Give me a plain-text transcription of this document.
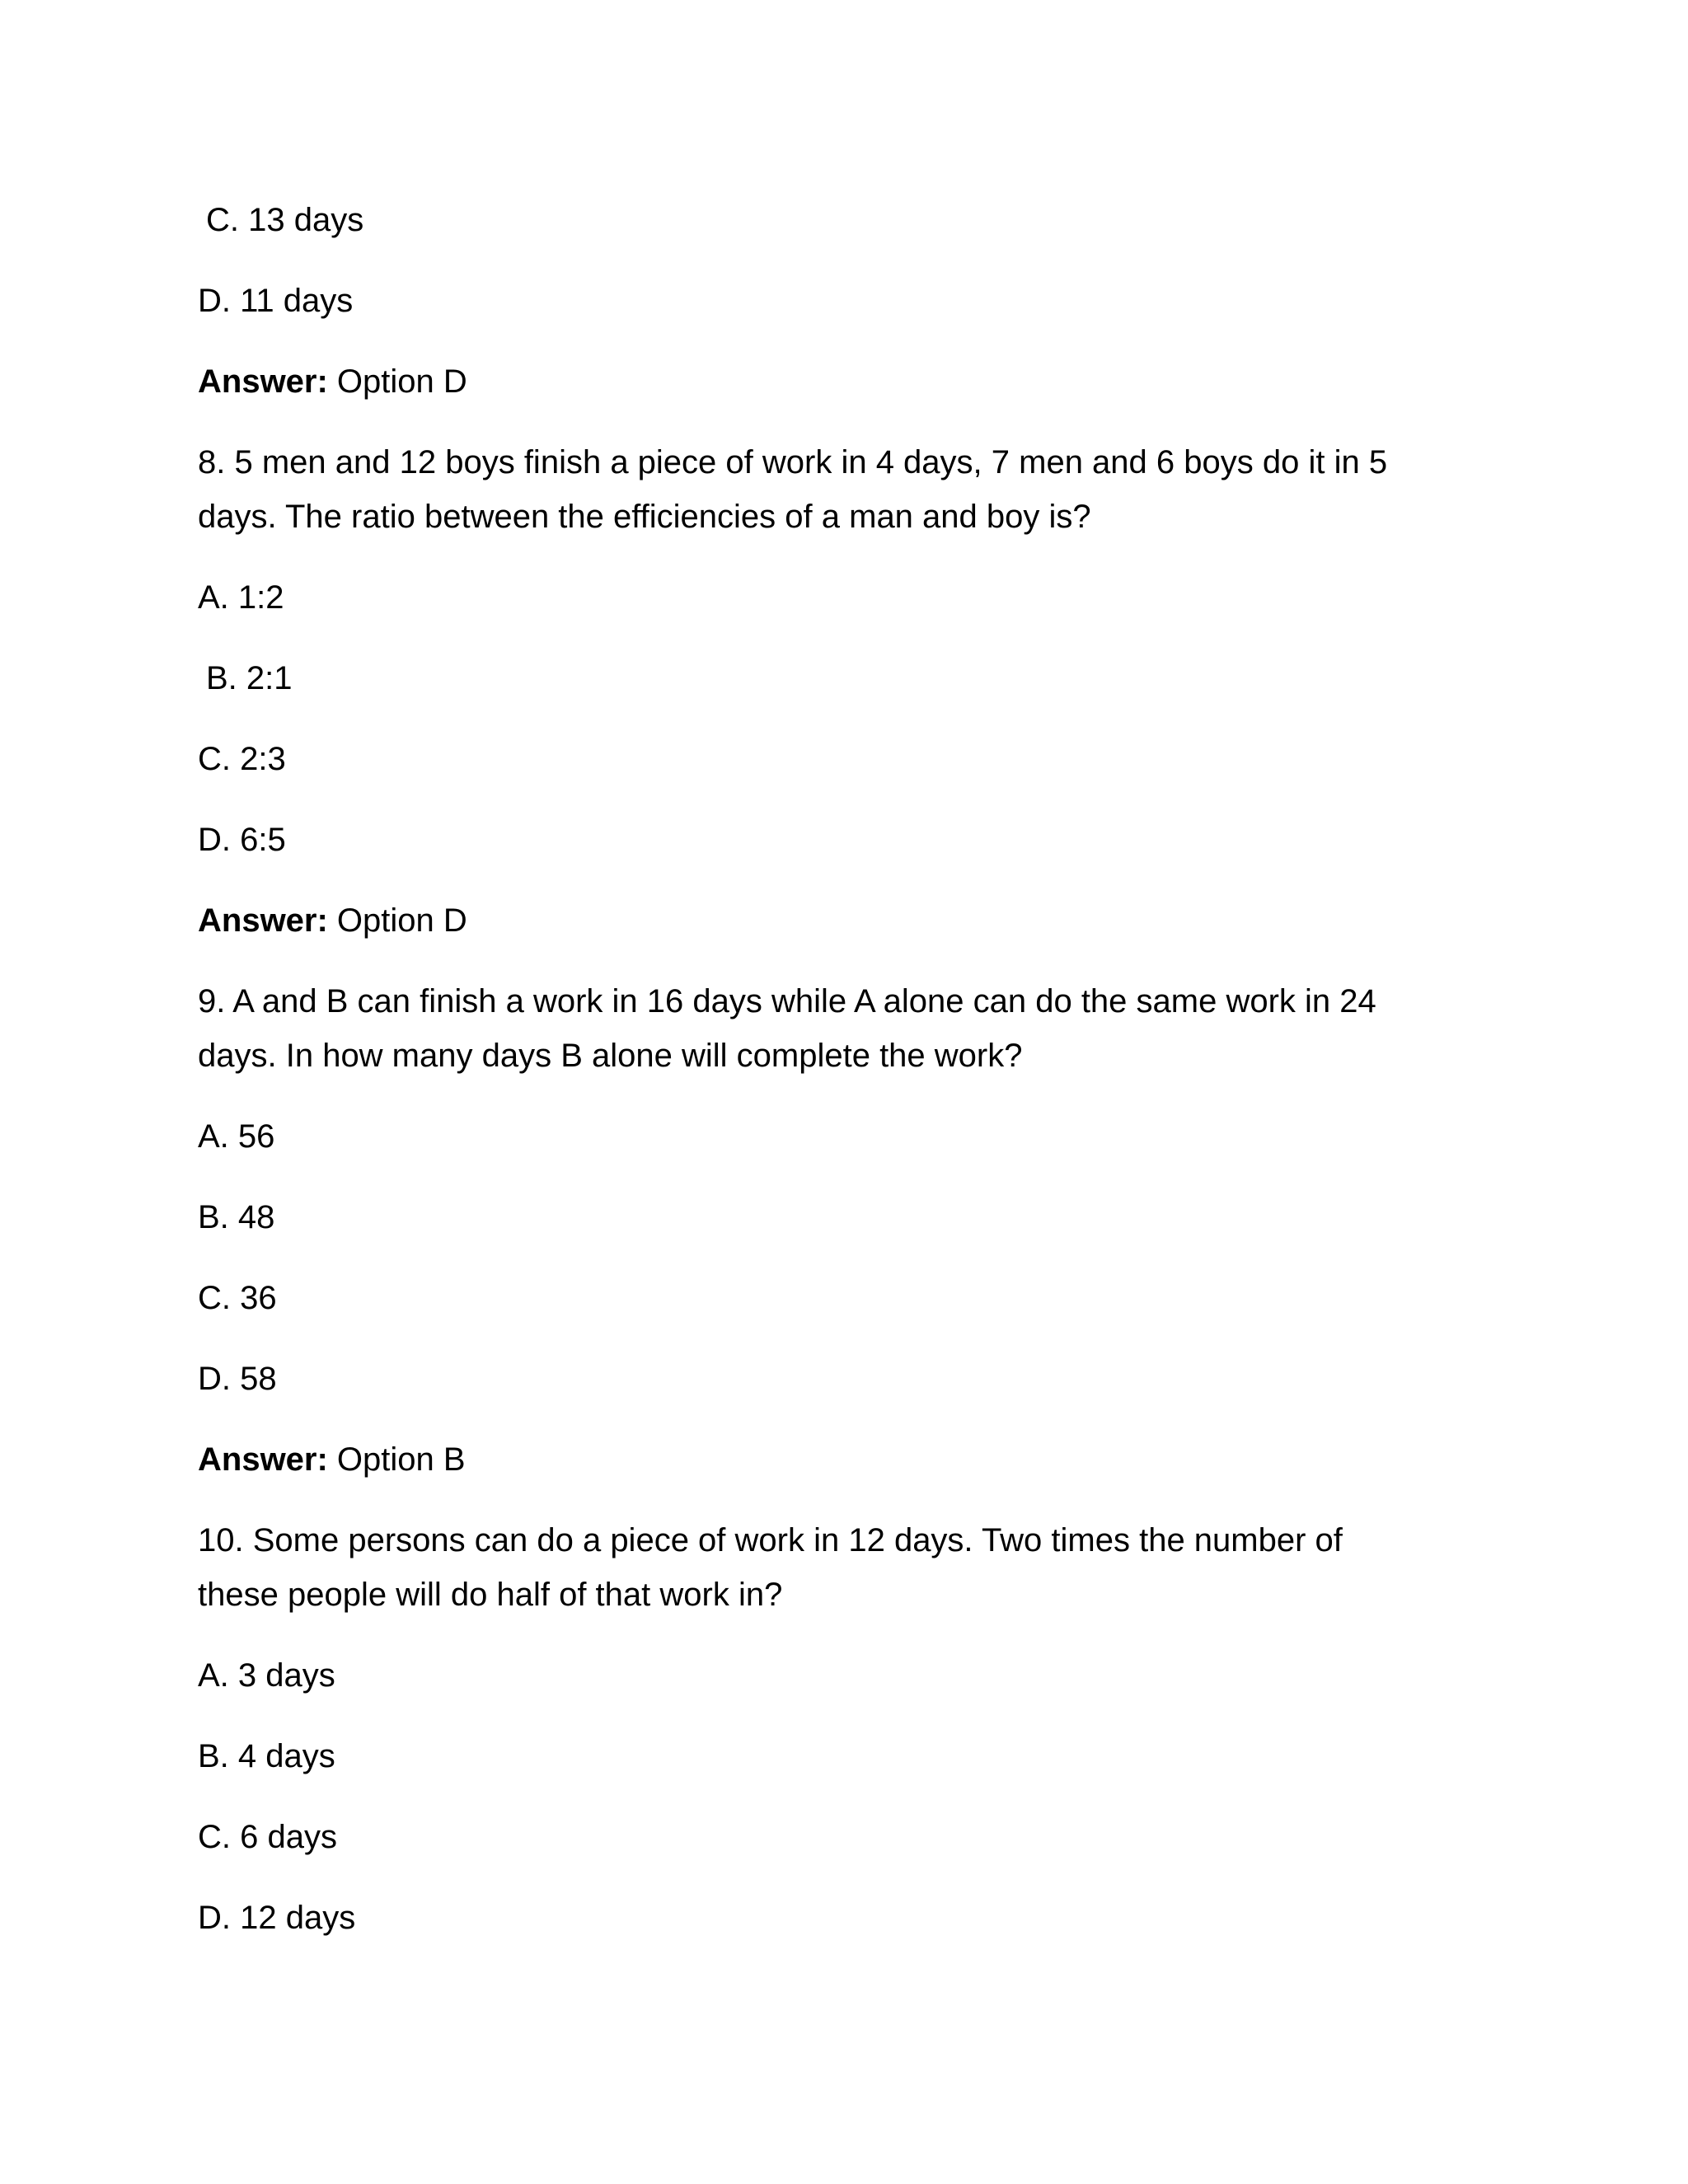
C. 13 days
D. 11 days
Answer: Option D
8. 5 men and 12 boys finish a piece of work in 4 days, 7 men and 6 boys do it in 5
days. The ratio between the efficiencies of a man and boy is?
A. 1:2
B. 2:1
C. 2:3
D. 6:5
Answer: Option D
9. A and B can finish a work in 16 days while A alone can do the same work in 24
days. In how many days B alone will complete the work?
A. 56
B. 48
C. 36
D. 58
Answer: Option B
10. Some persons can do a piece of work in 12 days. Two times the number of
these people will do half of that work in?
A. 3 days
B. 4 days
C. 6 days
D. 12 days
